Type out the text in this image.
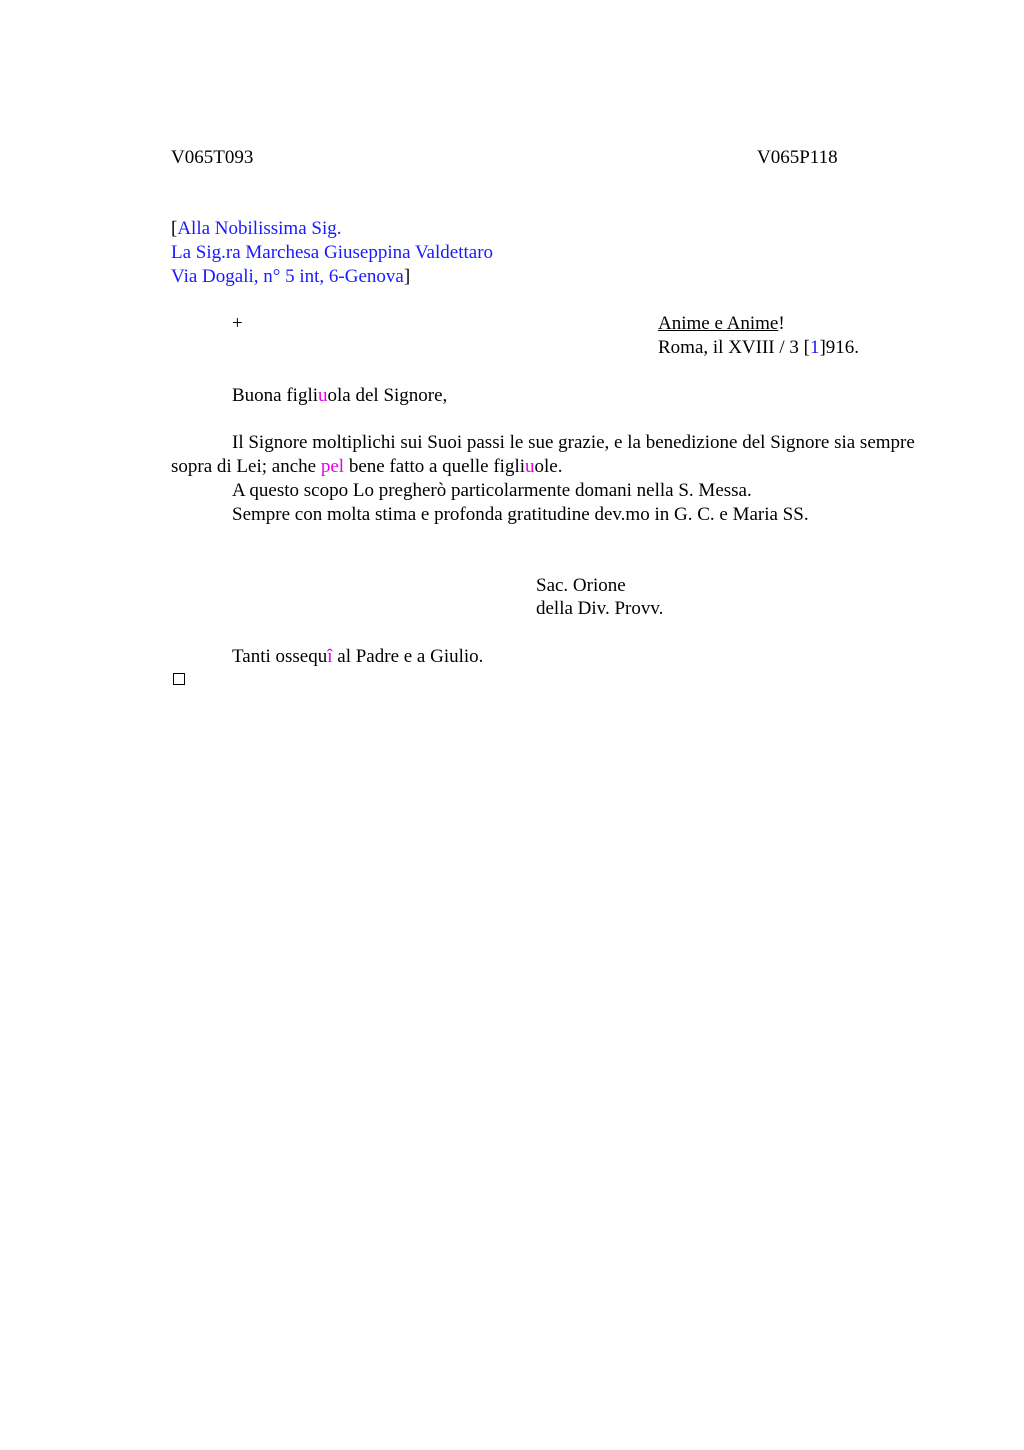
V065T093	V065P118
[Alla Nobilissima Sig.
La Sig.ra Marchesa Giuseppina Valdettaro
Via Dogali, n° 5 int, 6-Genova]
+	Anime e Anime!
Roma, il XVIII / 3 [1]916.
Buona figliuola del Signore,
Il Signore moltiplichi sui Suoi passi le sue grazie, e la benedizione del Signore sia sempre sopra di Lei; anche pel bene fatto a quelle figliuole.
A questo scopo Lo pregherò particolarmente domani nella S. Messa.
Sempre con molta stima e profonda gratitudine dev.mo in G. C. e Maria SS.
Sac. Orione
della Div. Provv.
Tanti ossequî al Padre e a Giulio.
